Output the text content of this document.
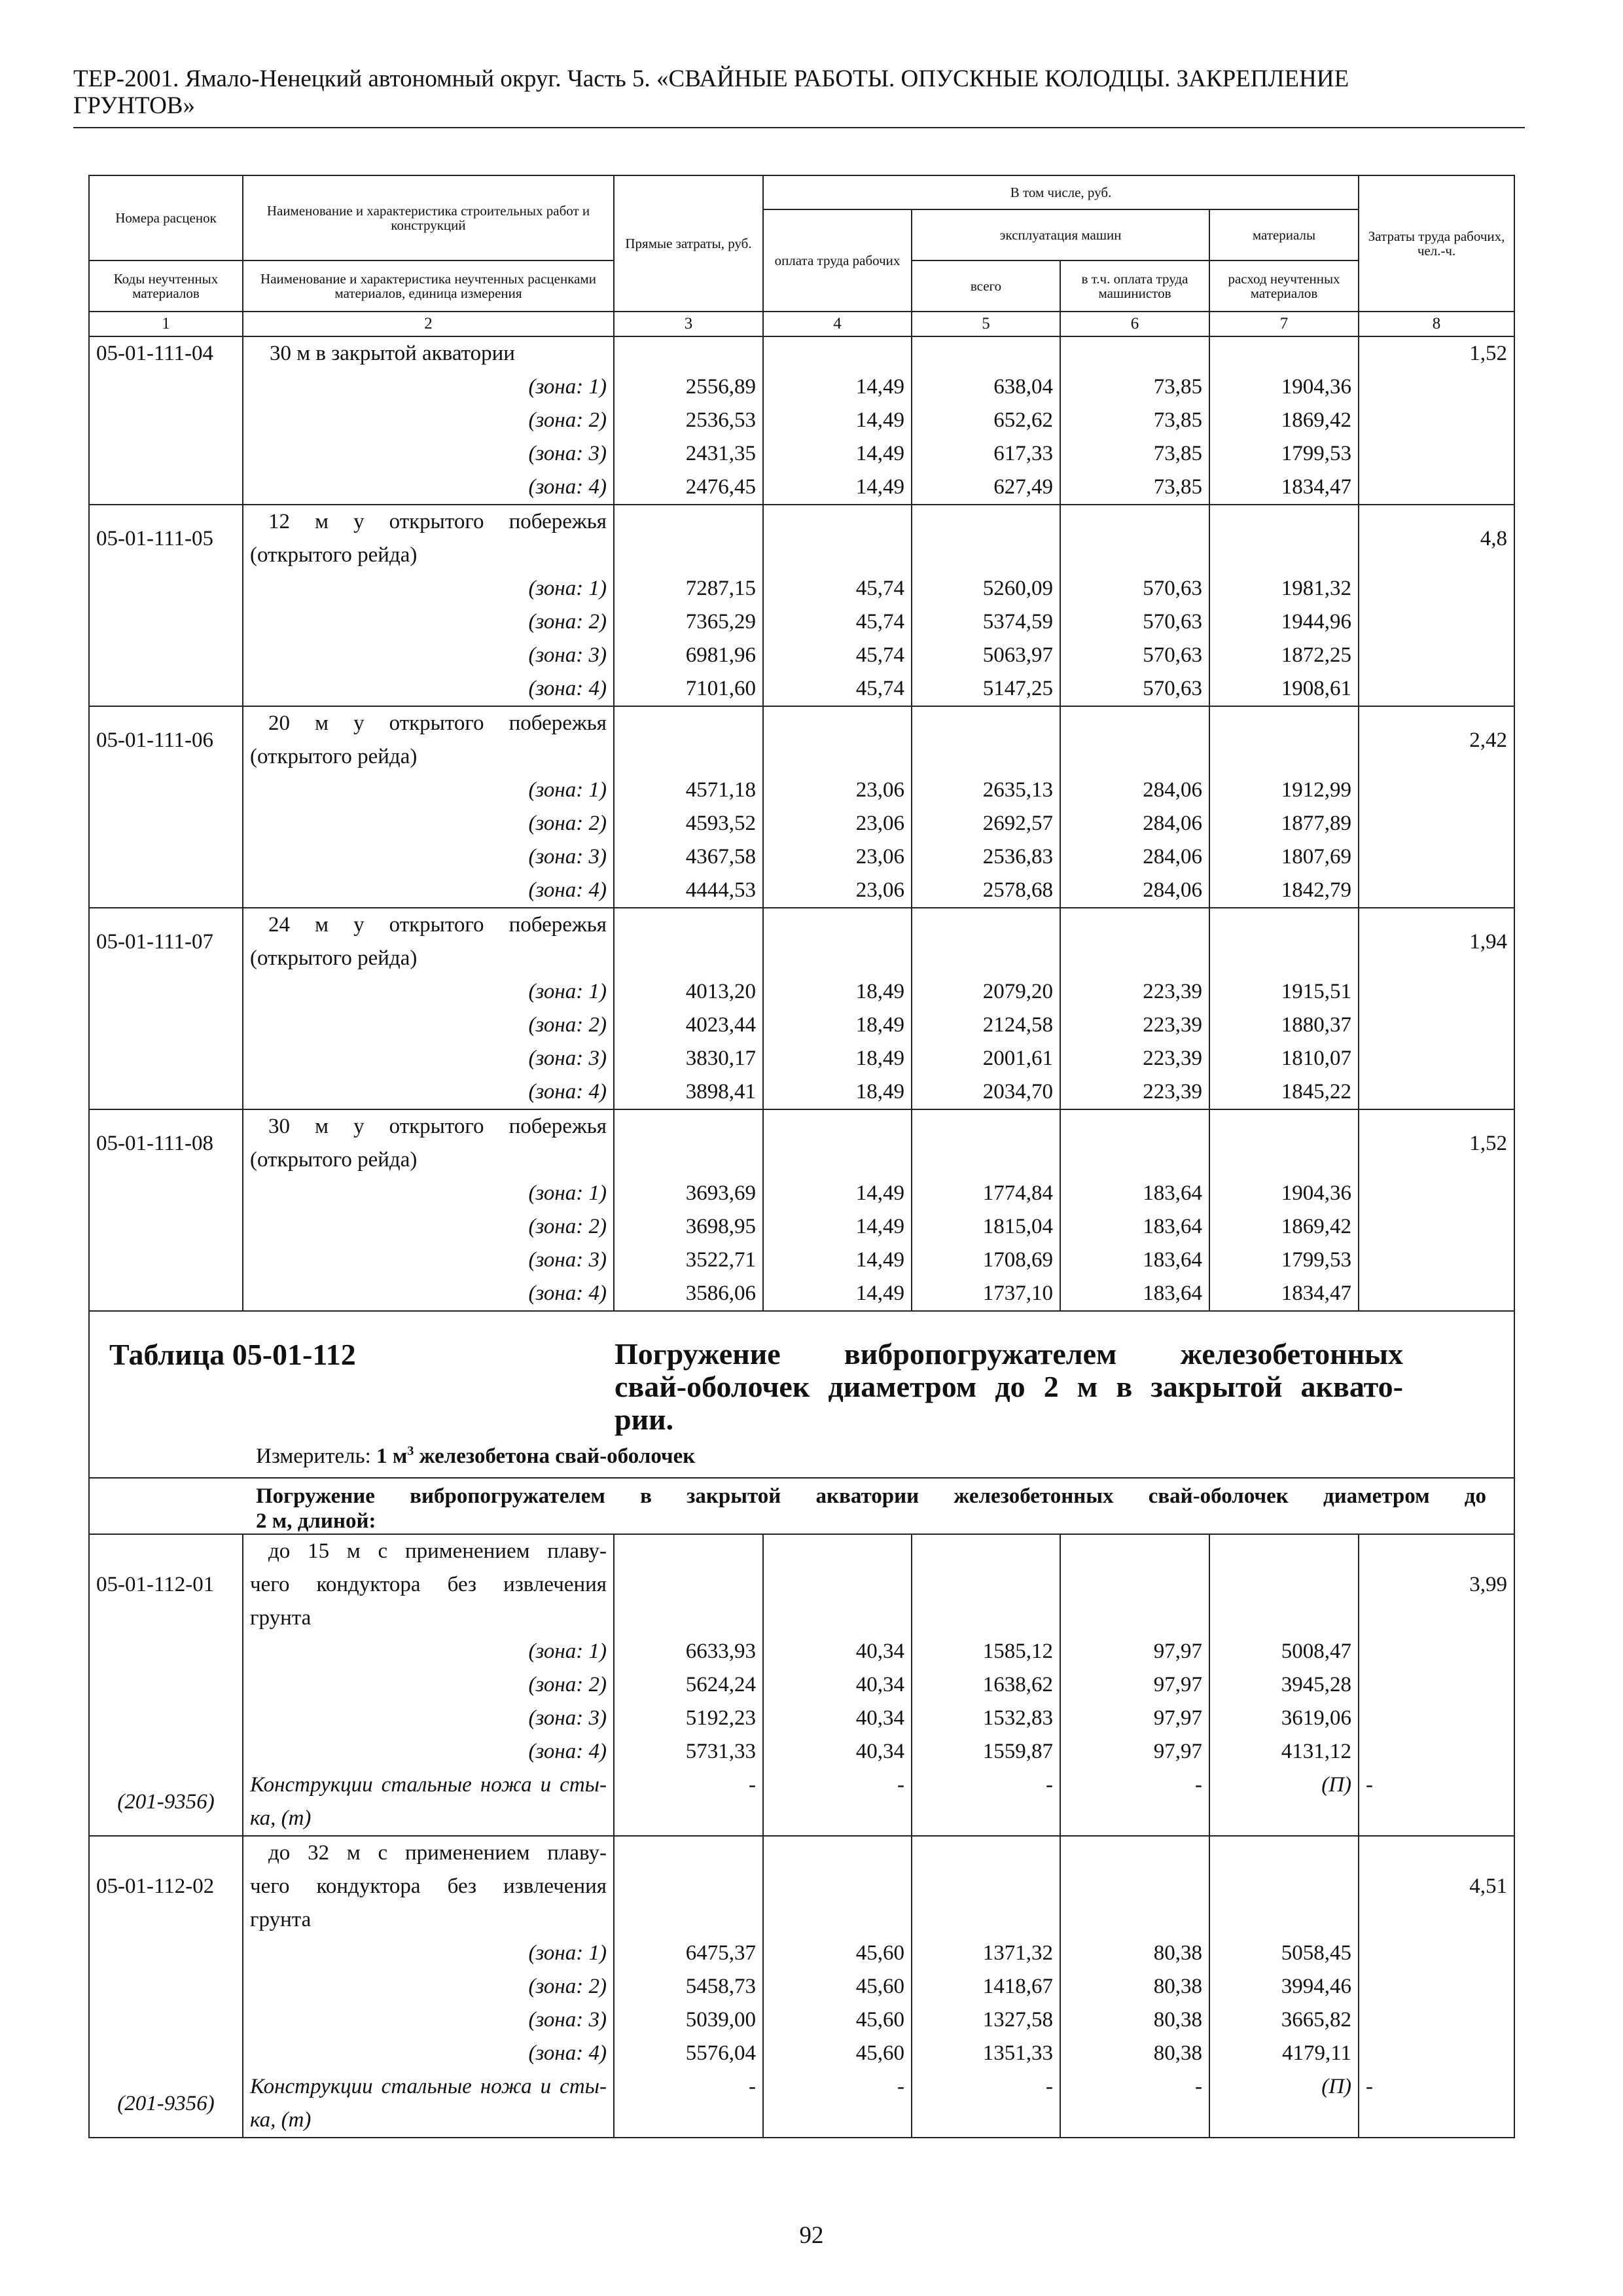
ТЕР-2001. Ямало-Ненецкий автономный округ. Часть 5. «СВАЙНЫЕ РАБОТЫ. ОПУСКНЫЕ КОЛОДЦЫ. ЗАКРЕПЛЕНИЕ
ГРУНТОВ»
Номера расценок	Наименование и характеристика строительных работ и конструкций	Прямые затраты, руб.	В том числе, руб.				Затраты труда рабочих, чел.-ч.
			оплата труда рабочих	эксплуатация машин		материалы	
Коды неучтенных материалов	Наименование и характеристика неучтенных расценками материалов, единица измерения			всего	в т.ч. оплата труда машинистов	расход неучтенных материалов	

1	2	3	4	5	6	7	8
05-01-111-04	30 м в закрытой акватории						1,52
	(зона: 1)	2556,89	14,49	638,04	73,85	1904,36	
	(зона: 2)	2536,53	14,49	652,62	73,85	1869,42	
	(зона: 3)	2431,35	14,49	617,33	73,85	1799,53	
	(зона: 4)	2476,45	14,49	627,49	73,85	1834,47	
05-01-111-05	12 м у открытого побережья
(открытого рейда)						4,8
	(зона: 1)	7287,15	45,74	5260,09	570,63	1981,32	
	(зона: 2)	7365,29	45,74	5374,59	570,63	1944,96	
	(зона: 3)	6981,96	45,74	5063,97	570,63	1872,25	
	(зона: 4)	7101,60	45,74	5147,25	570,63	1908,61	
05-01-111-06	20 м у открытого побережья
(открытого рейда)						2,42
	(зона: 1)	4571,18	23,06	2635,13	284,06	1912,99	
	(зона: 2)	4593,52	23,06	2692,57	284,06	1877,89	
	(зона: 3)	4367,58	23,06	2536,83	284,06	1807,69	
	(зона: 4)	4444,53	23,06	2578,68	284,06	1842,79	
05-01-111-07	24 м у открытого побережья
(открытого рейда)						1,94
	(зона: 1)	4013,20	18,49	2079,20	223,39	1915,51	
	(зона: 2)	4023,44	18,49	2124,58	223,39	1880,37	
	(зона: 3)	3830,17	18,49	2001,61	223,39	1810,07	
	(зона: 4)	3898,41	18,49	2034,70	223,39	1845,22	
05-01-111-08	30 м у открытого побережья
(открытого рейда)						1,52
	(зона: 1)	3693,69	14,49	1774,84	183,64	1904,36	
	(зона: 2)	3698,95	14,49	1815,04	183,64	1869,42	
	(зона: 3)	3522,71	14,49	1708,69	183,64	1799,53	
	(зона: 4)	3586,06	14,49	1737,10	183,64	1834,47	

Таблица 05-01-112 Погружение вибропогружателем железобетонных
свай-оболочек диаметром до 2 м в закрытой аквато-
рии.
Измеритель: 1 $м^3$ железобетона свай-оболочек							

Погружение вибропогружателем в закрытой акватории железобетонных свай-оболочек диаметром до
2 м, длиной:							

05-01-112-01	до 15 м с применением плаву-
чего кондуктора без извлечения
грунта						3,99
	(зона: 1)	6633,93	40,34	1585,12	97,97	5008,47	
	(зона: 2)	5624,24	40,34	1638,62	97,97	3945,28	
	(зона: 3)	5192,23	40,34	1532,83	97,97	3619,06	
	(зона: 4)	5731,33	40,34	1559,87	97,97	4131,12	
(201-9356)	Конструкции стальные ножа и сты-
ка, (т)	-	-	-	-	(П)	-
05-01-112-02	до 32 м с применением плаву-
чего кондуктора без извлечения
грунта						4,51
	(зона: 1)	6475,37	45,60	1371,32	80,38	5058,45	
	(зона: 2)	5458,73	45,60	1418,67	80,38	3994,46	
	(зона: 3)	5039,00	45,60	1327,58	80,38	3665,82	
	(зона: 4)	5576,04	45,60	1351,33	80,38	4179,11	
(201-9356)	Конструкции стальные ножа и сты-
ка, (т)	-	-	-	-	(П)	-
92
